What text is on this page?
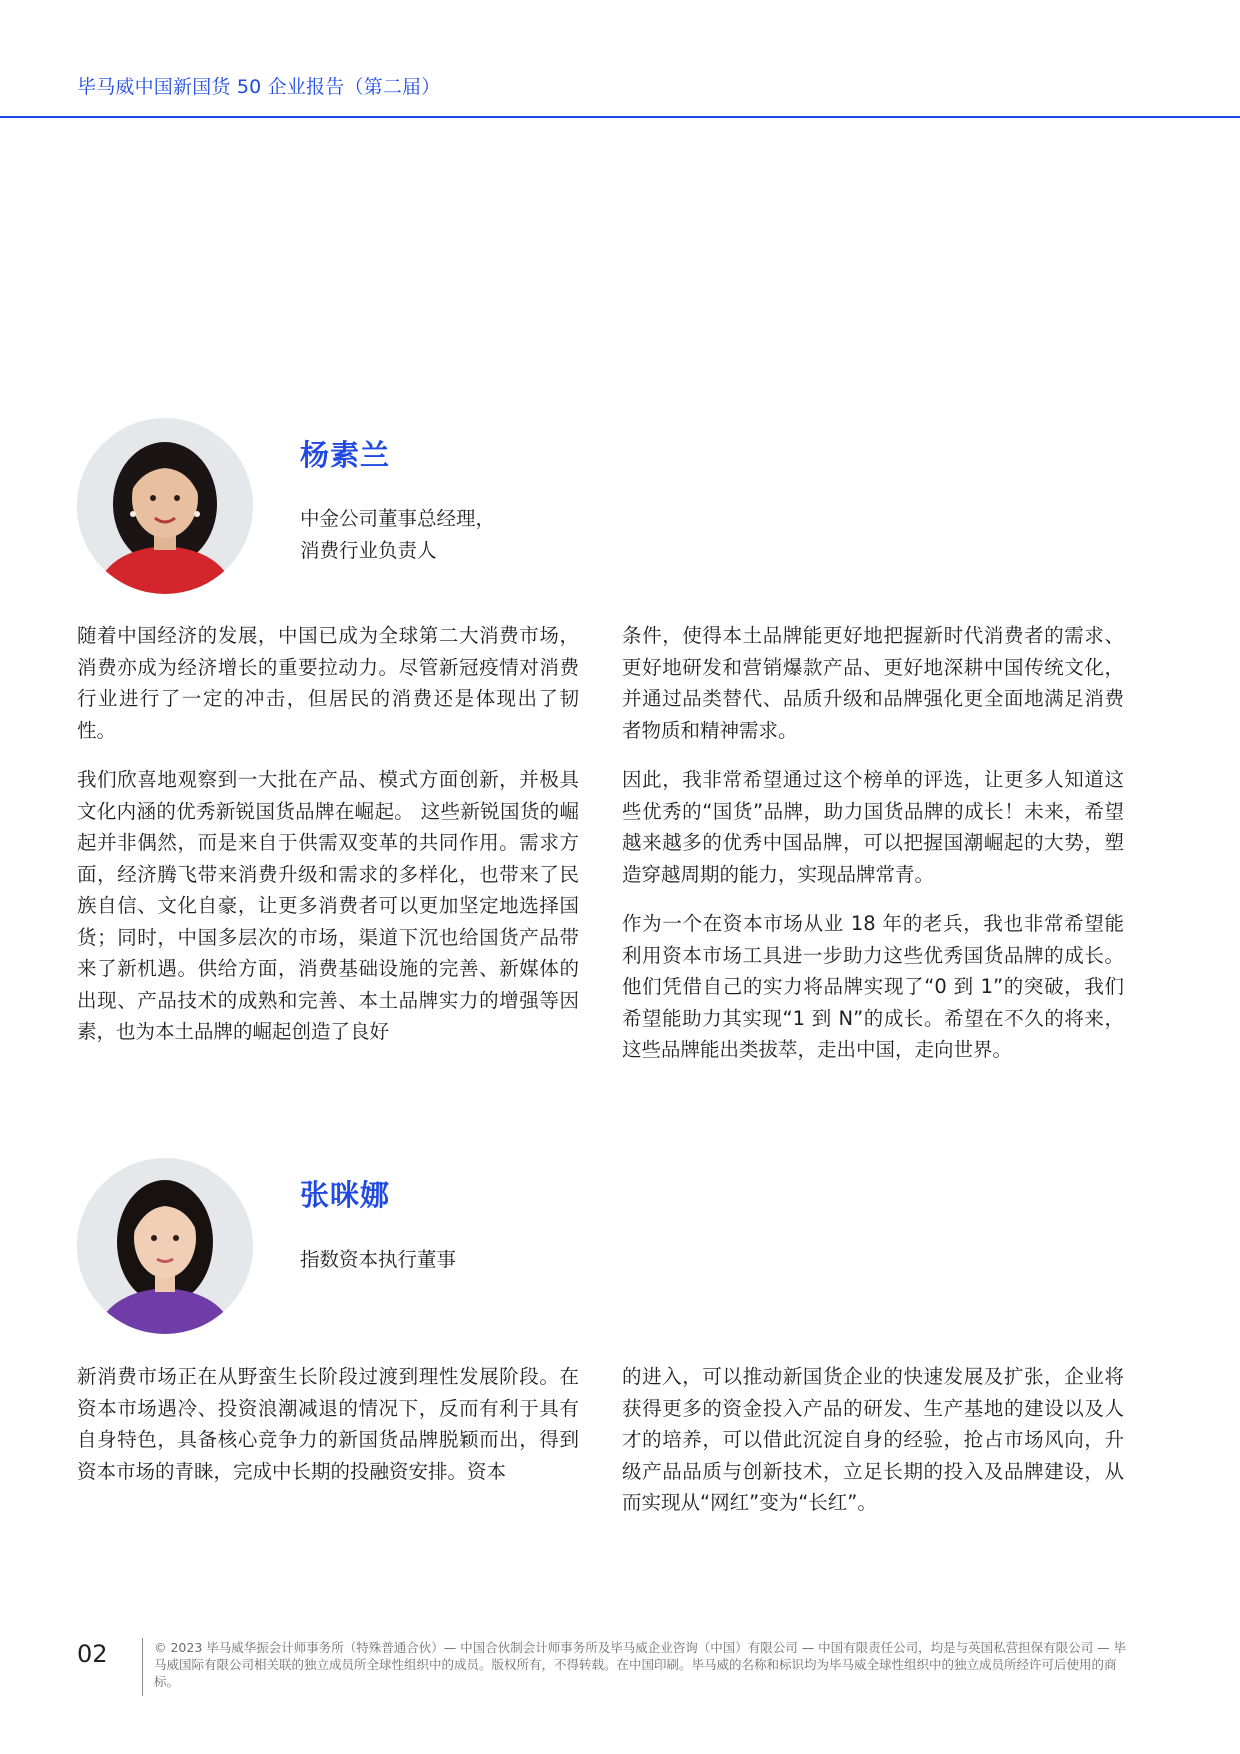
毕马威中国新国货 50 企业报告（第二届）
杨素兰
中金公司董事总经理，
消费行业负责人

随着中国经济的发展，中国已成为全球第二大消费市场，消费亦成为经济增长的重要拉动力。尽管新冠疫情对消费行业进行了一定的冲击，但居民的消费还是体现出了韧性。

我们欣喜地观察到一大批在产品、模式方面创新，并极具文化内涵的优秀新锐国货品牌在崛起。 这些新锐国货的崛起并非偶然，而是来自于供需双变革的共同作用。需求方面，经济腾飞带来消费升级和需求的多样化，也带来了民族自信、文化自豪，让更多消费者可以更加坚定地选择国货；同时，中国多层次的市场，渠道下沉也给国货产品带来了新机遇。供给方面，消费基础设施的完善、新媒体的出现、产品技术的成熟和完善、本土品牌实力的增强等因素，也为本土品牌的崛起创造了良好

条件，使得本土品牌能更好地把握新时代消费者的需求、更好地研发和营销爆款产品、更好地深耕中国传统文化，并通过品类替代、品质升级和品牌强化更全面地满足消费者物质和精神需求。

因此，我非常希望通过这个榜单的评选，让更多人知道这些优秀的“国货”品牌，助力国货品牌的成长！未来，希望越来越多的优秀中国品牌，可以把握国潮崛起的大势，塑造穿越周期的能力，实现品牌常青。

作为一个在资本市场从业 18 年的老兵，我也非常希望能利用资本市场工具进一步助力这些优秀国货品牌的成长。他们凭借自己的实力将品牌实现了“0 到 1”的突破，我们希望能助力其实现“1 到 N”的成长。希望在不久的将来，这些品牌能出类拔萃，走出中国，走向世界。

张咪娜
指数资本执行董事

新消费市场正在从野蛮生长阶段过渡到理性发展阶段。在资本市场遇冷、投资浪潮减退的情况下，反而有利于具有自身特色，具备核心竞争力的新国货品牌脱颖而出，得到资本市场的青睐，完成中长期的投融资安排。资本

的进入，可以推动新国货企业的快速发展及扩张，企业将获得更多的资金投入产品的研发、生产基地的建设以及人才的培养，可以借此沉淀自身的经验，抢占市场风向，升级产品品质与创新技术，立足长期的投入及品牌建设，从而实现从“网红”变为“长红”。

02	© 2023 毕马威华振会计师事务所（特殊普通合伙）— 中国合伙制会计师事务所及毕马威企业咨询（中国）有限公司 — 中国有限责任公司，均是与英国私营担保有限公司 — 毕马威国际有限公司相关联的独立成员所全球性组织中的成员。版权所有，不得转载。在中国印刷。毕马威的名称和标识均为毕马威全球性组织中的独立成员所经许可后使用的商标。
